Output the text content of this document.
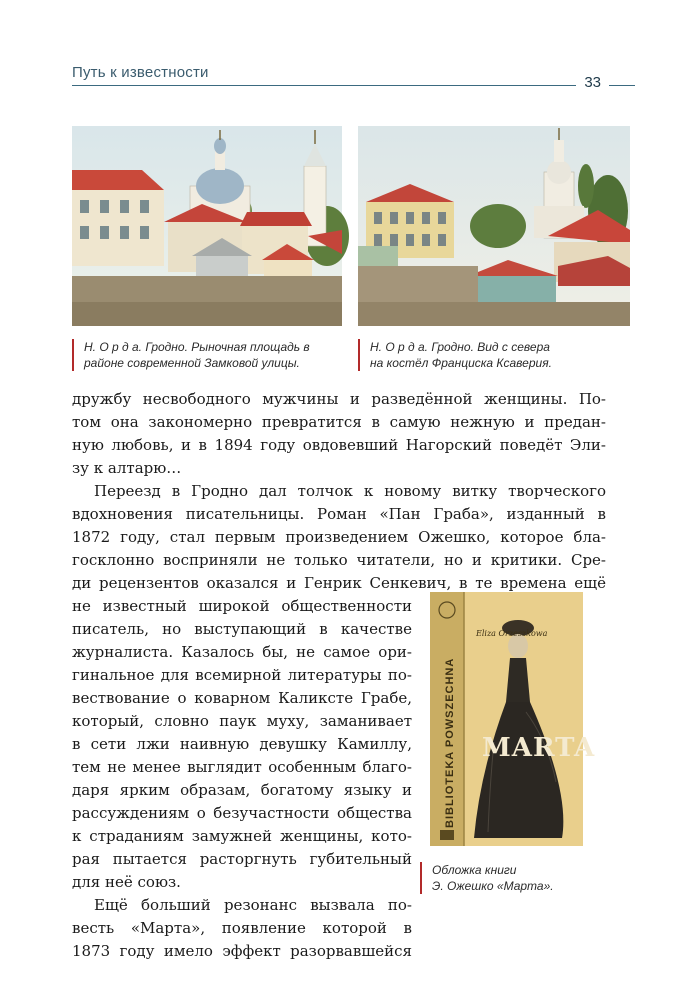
Путь к известности
33
Н. О р д а. Гродно. Рыночная площадь в
районе современной Замковой улицы.
Н. О р д а. Гродно. Вид с севера
на костёл Франциска Ксаверия.
дружбу несвободного мужчины и разведённой женщины. По-
том она закономерно превратится в самую нежную и предан-
ную любовь, и в 1894 году овдовевший Нагорский поведёт Эли-
зу к алтарю…
Переезд в Гродно дал толчок к новому витку творческого
вдохновения писательницы. Роман «Пан Граба», изданный в
1872 году, стал первым произведением Ожешко, которое бла-
госклонно восприняли не только читатели, но и критики. Сре-
ди рецензентов оказался и Генрик Сенкевич, в те времена ещё
не известный широкой общественности
писатель, но выступающий в качестве
журналиста. Казалось бы, не самое ори-
гинальное для всемирной литературы по-
вествование о коварном Каликсте Грабе,
который, словно паук муху, заманивает
в сети лжи наивную девушку Камиллу,
тем не менее выглядит особенным благо-
даря ярким образам, богатому языку и
рассуждениям о безучастности общества
к страданиям замужней женщины, кото-
рая пытается расторгнуть губительный
для неё союз.
Ещё больший резонанс вызвала по-
весть «Марта», появление которой в
1873 году имело эффект разорвавшейся
BIBLIOTEKA POWSZECHNA
Eliza Orzeszkowa
MARTA
Обложка книги
Э. Ожешко «Марта».
